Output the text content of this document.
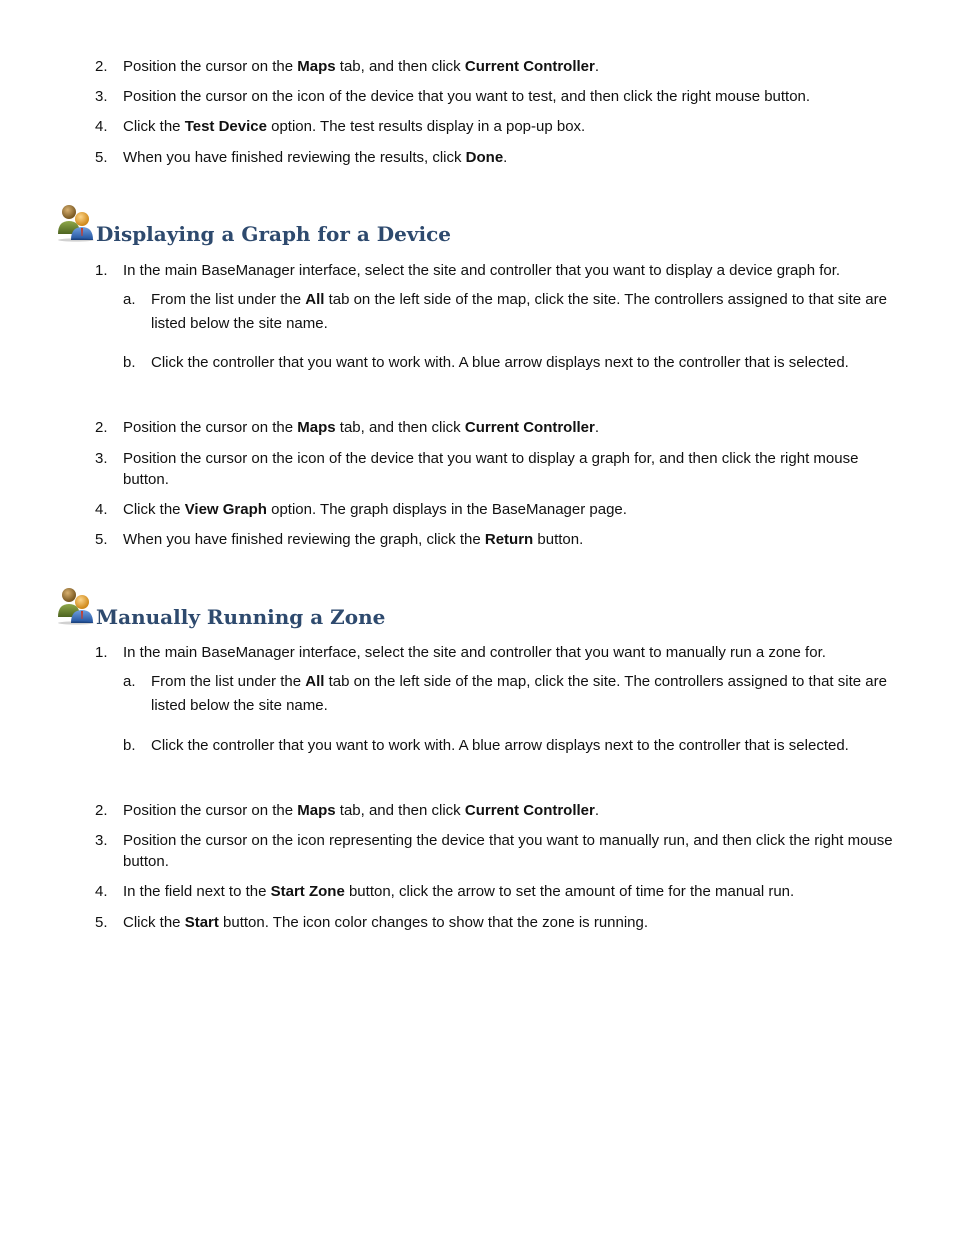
2.	Position the cursor on the Maps tab, and then click Current Controller.
3.	Position the cursor on the icon of the device that you want to test, and then click the right mouse button.
4.	Click the Test Device option. The test results display in a pop-up box.
5.	When you have finished reviewing the results, click Done.
Displaying a Graph for a Device
1.	In the main BaseManager interface, select the site and controller that you want to display a device graph for.
a.	From the list under the All tab on the left side of the map, click the site. The controllers assigned to that site are listed below the site name.
b.	Click the controller that you want to work with. A blue arrow displays next to the controller that is selected.
2.	Position the cursor on the Maps tab, and then click Current Controller.
3.	Position the cursor on the icon of the device that you want to display a graph for, and then click the right mouse button.
4.	Click the View Graph option. The graph displays in the BaseManager page.
5.	When you have finished reviewing the graph, click the Return button.
Manually Running a Zone
1.	In the main BaseManager interface, select the site and controller that you want to manually run a zone for.
a.	From the list under the All tab on the left side of the map, click the site. The controllers assigned to that site are listed below the site name.
b.	Click the controller that you want to work with. A blue arrow displays next to the controller that is selected.
2.	Position the cursor on the Maps tab, and then click Current Controller.
3.	Position the cursor on the icon representing the device that you want to manually run, and then click the right mouse button.
4.	In the field next to the Start Zone button, click the arrow to set the amount of time for the manual run.
5.	Click the Start button. The icon color changes to show that the zone is running.
